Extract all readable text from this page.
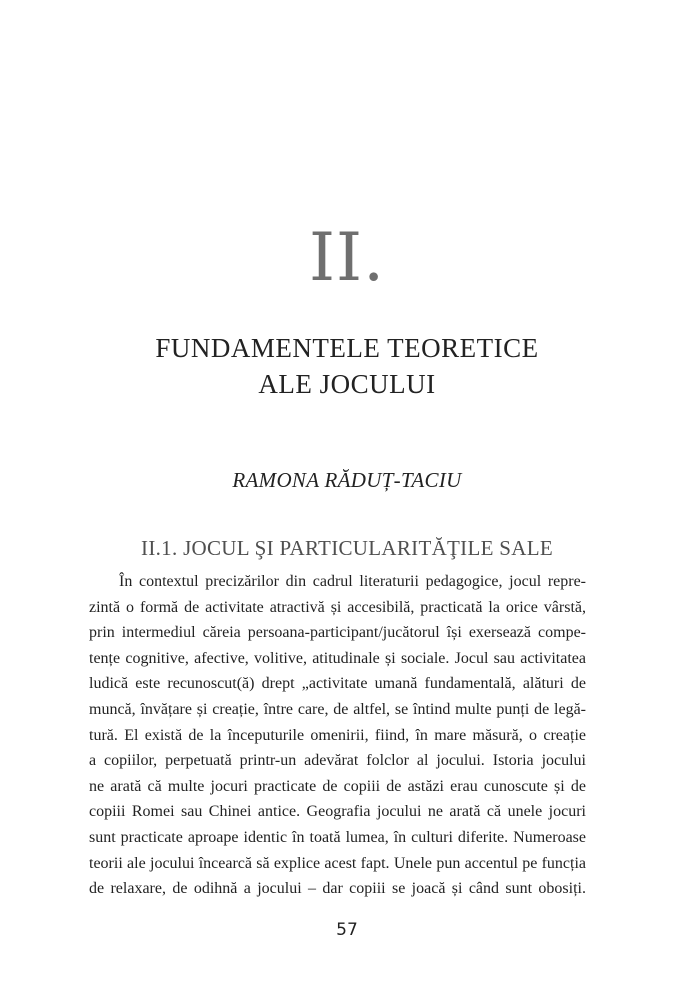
II.
FUNDAMENTELE TEORETICE
ALE JOCULUI
RAMONA RĂDUȚ-TACIU
II.1. JOCUL ŞI PARTICULARITĂŢILE SALE
În contextul precizărilor din cadrul literaturii pedagogice, jocul repre-
zintă o formă de activitate atractivă și accesibilă, practicată la orice vârstă,
prin intermediul căreia persoana-participant/jucătorul își exersează compe-
tențe cognitive, afective, volitive, atitudinale și sociale. Jocul sau activitatea
ludică este recunoscut(ă) drept „activitate umană fundamentală, alături de
muncă, învățare și creație, între care, de altfel, se întind multe punți de legă-
tură. El există de la începuturile omenirii, fiind, în mare măsură, o creație
a copiilor, perpetuată printr-un adevărat folclor al jocului. Istoria jocului
ne arată că multe jocuri practicate de copiii de astăzi erau cunoscute și de
copiii Romei sau Chinei antice. Geografia jocului ne arată că unele jocuri
sunt practicate aproape identic în toată lumea, în culturi diferite. Numeroase
teorii ale jocului încearcă să explice acest fapt. Unele pun accentul pe funcția
de relaxare, de odihnă a jocului – dar copiii se joacă și când sunt obosiți.
57
